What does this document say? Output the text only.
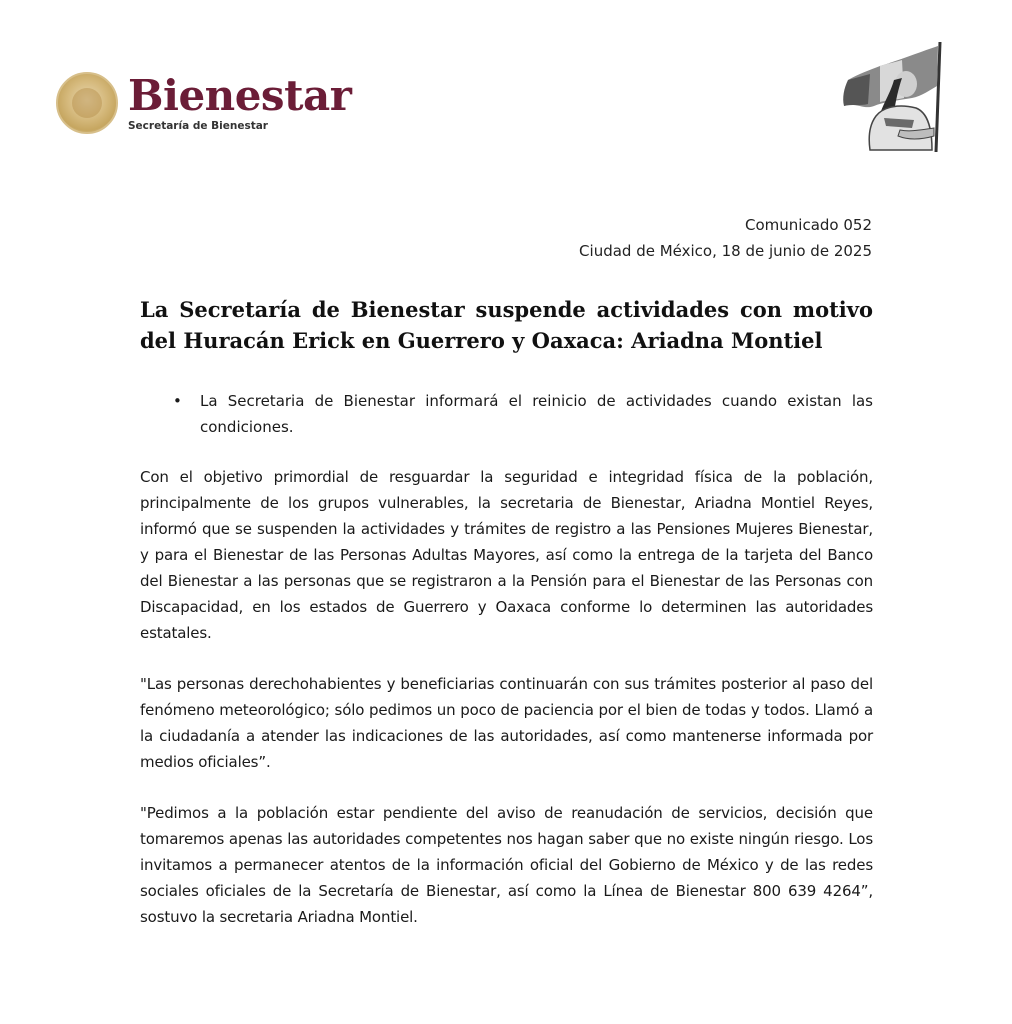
Bienestar
Secretaría de Bienestar
Comunicado 052
Ciudad de México, 18 de junio de 2025
La Secretaría de Bienestar suspende actividades con motivo del Huracán Erick en Guerrero y Oaxaca: Ariadna Montiel
• La Secretaria de Bienestar informará el reinicio de actividades cuando existan las condiciones.

Con el objetivo primordial de resguardar la seguridad e integridad física de la población, principalmente de los grupos vulnerables, la secretaria de Bienestar, Ariadna Montiel Reyes, informó que se suspenden la actividades y trámites de registro a las Pensiones Mujeres Bienestar, y para el Bienestar de las Personas Adultas Mayores, así como la entrega de la tarjeta del Banco del Bienestar a las personas que se registraron a la Pensión para el Bienestar de las Personas con Discapacidad, en los estados de Guerrero y Oaxaca conforme lo determinen las autoridades estatales.

"Las personas derechohabientes y beneficiarias continuarán con sus trámites posterior al paso del fenómeno meteorológico; sólo pedimos un poco de paciencia por el bien de todas y todos. Llamó a la ciudadanía a atender las indicaciones de las autoridades, así como mantenerse informada por medios oficiales”.

"Pedimos a la población estar pendiente del aviso de reanudación de servicios, decisión que tomaremos apenas las autoridades competentes nos hagan saber que no existe ningún riesgo. Los invitamos a permanecer atentos de la información oficial del Gobierno de México y de las redes sociales oficiales de la Secretaría de Bienestar, así como la Línea de Bienestar 800 639 4264”, sostuvo la secretaria Ariadna Montiel.
